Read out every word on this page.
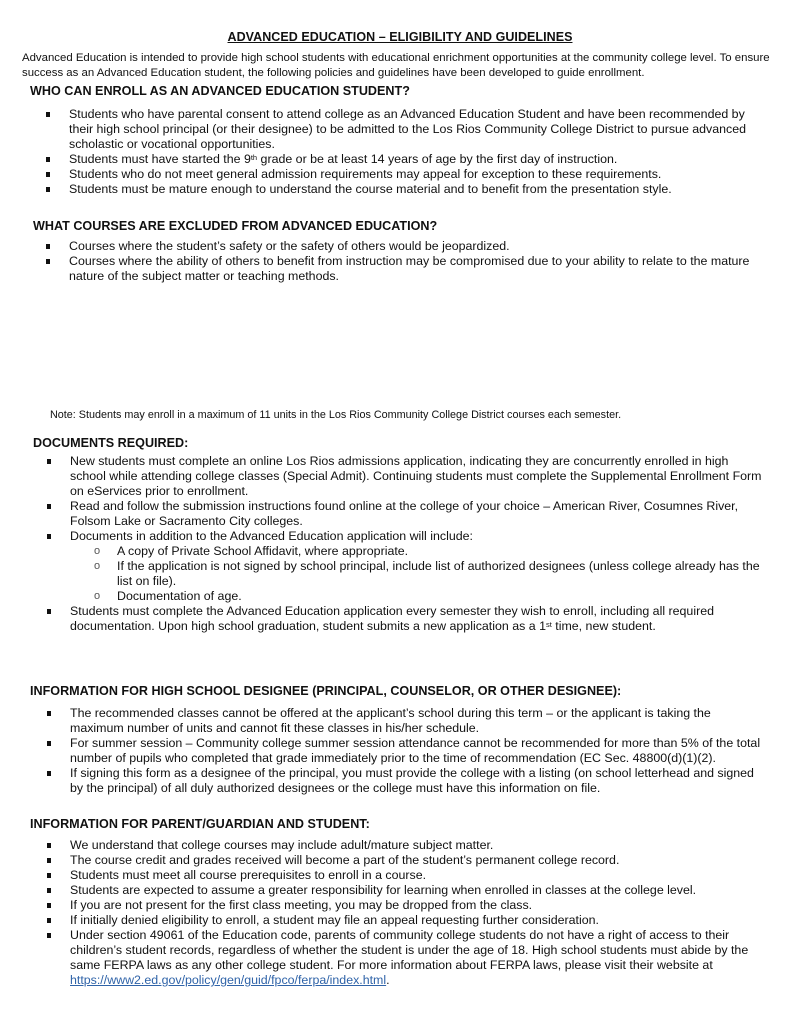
ADVANCED EDUCATION – ELIGIBILITY AND GUIDELINES
Advanced Education is intended to provide high school students with educational enrichment opportunities at the community college level. To ensure success as an Advanced Education student, the following policies and guidelines have been developed to guide enrollment.
WHO CAN ENROLL AS AN ADVANCED EDUCATION STUDENT?
Students who have parental consent to attend college as an Advanced Education Student and have been recommended by their high school principal (or their designee) to be admitted to the Los Rios Community College District to pursue advanced scholastic or vocational opportunities.
Students must have started the 9th grade or be at least 14 years of age by the first day of instruction.
Students who do not meet general admission requirements may appeal for exception to these requirements.
Students must be mature enough to understand the course material and to benefit from the presentation style.
WHAT COURSES ARE EXCLUDED FROM ADVANCED EDUCATION?
Courses where the student’s safety or the safety of others would be jeopardized.
Courses where the ability of others to benefit from instruction may be compromised due to your ability to relate to the mature nature of the subject matter or teaching methods.
Note: Students may enroll in a maximum of 11 units in the Los Rios Community College District courses each semester.
DOCUMENTS REQUIRED:
New students must complete an online Los Rios admissions application, indicating they are concurrently enrolled in high school while attending college classes (Special Admit). Continuing students must complete the Supplemental Enrollment Form on eServices prior to enrollment.
Read and follow the submission instructions found online at the college of your choice – American River, Cosumnes River, Folsom Lake or Sacramento City colleges.
Documents in addition to the Advanced Education application will include:
o A copy of Private School Affidavit, where appropriate.
o If the application is not signed by school principal, include list of authorized designees (unless college already has the list on file).
o Documentation of age.
Students must complete the Advanced Education application every semester they wish to enroll, including all required documentation. Upon high school graduation, student submits a new application as a 1st time, new student.
INFORMATION FOR HIGH SCHOOL DESIGNEE (PRINCIPAL, COUNSELOR, OR OTHER DESIGNEE):
The recommended classes cannot be offered at the applicant’s school during this term – or the applicant is taking the maximum number of units and cannot fit these classes in his/her schedule.
For summer session – Community college summer session attendance cannot be recommended for more than 5% of the total number of pupils who completed that grade immediately prior to the time of recommendation (EC Sec. 48800(d)(1)(2).
If signing this form as a designee of the principal, you must provide the college with a listing (on school letterhead and signed by the principal) of all duly authorized designees or the college must have this information on file.
INFORMATION FOR PARENT/GUARDIAN AND STUDENT:
We understand that college courses may include adult/mature subject matter.
The course credit and grades received will become a part of the student’s permanent college record.
Students must meet all course prerequisites to enroll in a course.
Students are expected to assume a greater responsibility for learning when enrolled in classes at the college level.
If you are not present for the first class meeting, you may be dropped from the class.
If initially denied eligibility to enroll, a student may file an appeal requesting further consideration.
Under section 49061 of the Education code, parents of community college students do not have a right of access to their children’s student records, regardless of whether the student is under the age of 18. High school students must abide by the same FERPA laws as any other college student. For more information about FERPA laws, please visit their website at https://www2.ed.gov/policy/gen/guid/fpco/ferpa/index.html.
